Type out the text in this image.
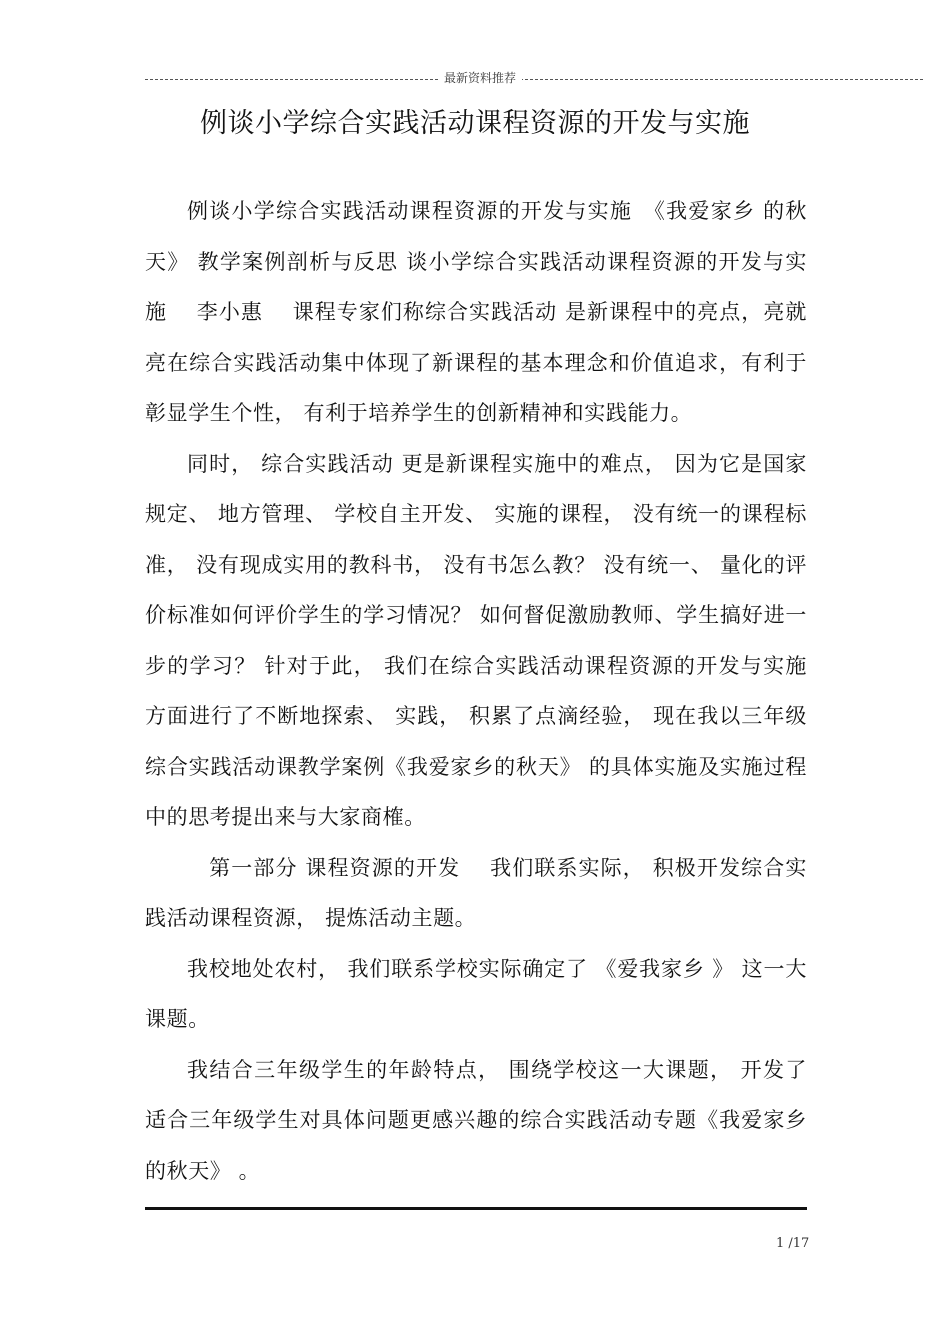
最新资料推荐
例谈小学综合实践活动课程资源的开发与实施

例谈小学综合实践活动课程资源的开发与实施　《我爱家乡 的秋天》 教学案例剖析与反思 谈小学综合实践活动课程资源的开发与实施　 李小惠　 课程专家们称综合实践活动 是新课程中的亮点，亮就亮在综合实践活动集中体现了新课程的基本理念和价值追求，有利于彰显学生个性， 有利于培养学生的创新精神和实践能力。

同时， 综合实践活动 更是新课程实施中的难点， 因为它是国家规定、 地方管理、 学校自主开发、 实施的课程， 没有统一的课程标准， 没有现成实用的教科书， 没有书怎么教？ 没有统一、 量化的评价标准如何评价学生的学习情况？ 如何督促激励教师、学生搞好进一步的学习？ 针对于此， 我们在综合实践活动课程资源的开发与实施方面进行了不断地探索、 实践， 积累了点滴经验， 现在我以三年级综合实践活动课教学案例《我爱家乡的秋天》 的具体实施及实施过程中的思考提出来与大家商榷。

　第一部分 课程资源的开发　 我们联系实际， 积极开发综合实践活动课程资源， 提炼活动主题。

我校地处农村， 我们联系学校实际确定了 《爱我家乡 》 这一大课题。

我结合三年级学生的年龄特点， 围绕学校这一大课题， 开发了 适合三年级学生对具体问题更感兴趣的综合实践活动专题《我爱家乡的秋天》 。

1 /17
